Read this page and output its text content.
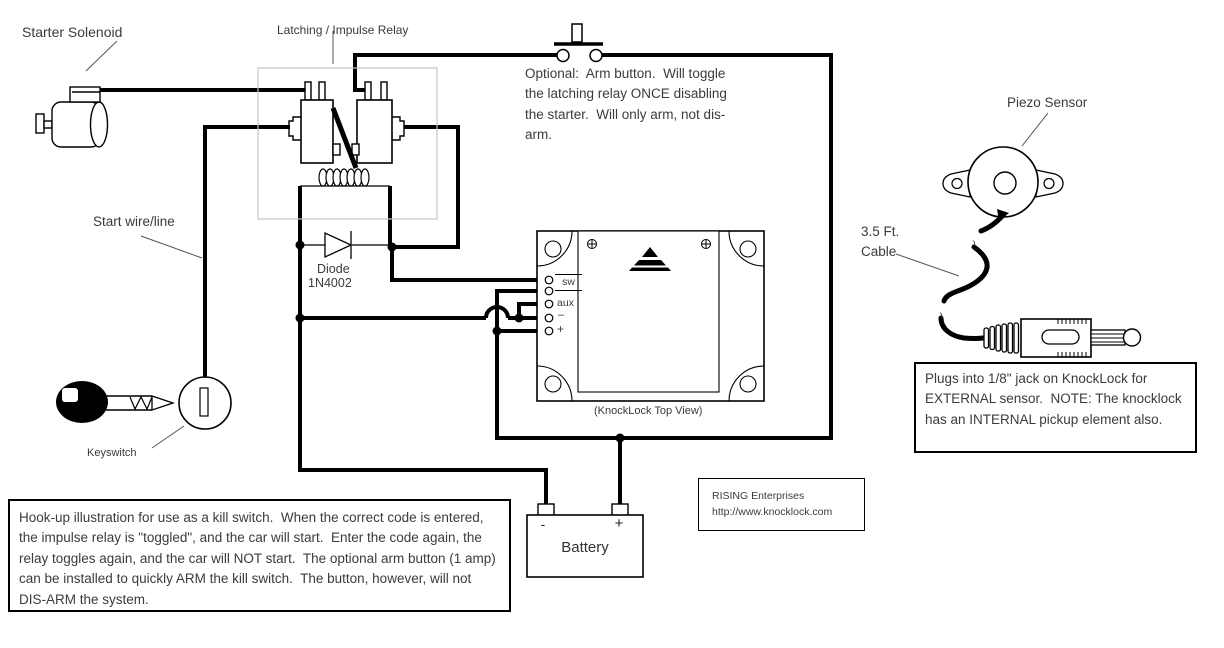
~
~
Starter Solenoid	Latching / Impulse Relay
Start wire/line
Diode
1N4002
Keyswitch
Piezo Sensor
3.5 Ft.
Cable
(KnockLock Top View)
sw
aux
–
+
-	+
Battery
Optional:  Arm button.  Will toggle the latching relay ONCE disabling the starter.  Will only arm, not dis-arm.
Hook-up illustration for use as a kill switch.  When the correct code is entered, the impulse relay is "toggled", and the car will start.  Enter the code again, the relay toggles again, and the car will NOT start.  The optional arm button (1 amp) can be installed to quickly ARM the kill switch.  The button, however, will not DIS-ARM the system.
Plugs into 1/8" jack on KnockLock for EXTERNAL sensor.  NOTE: The knocklock has an INTERNAL pickup element also.
RISING Enterprises
http://www.knocklock.com
